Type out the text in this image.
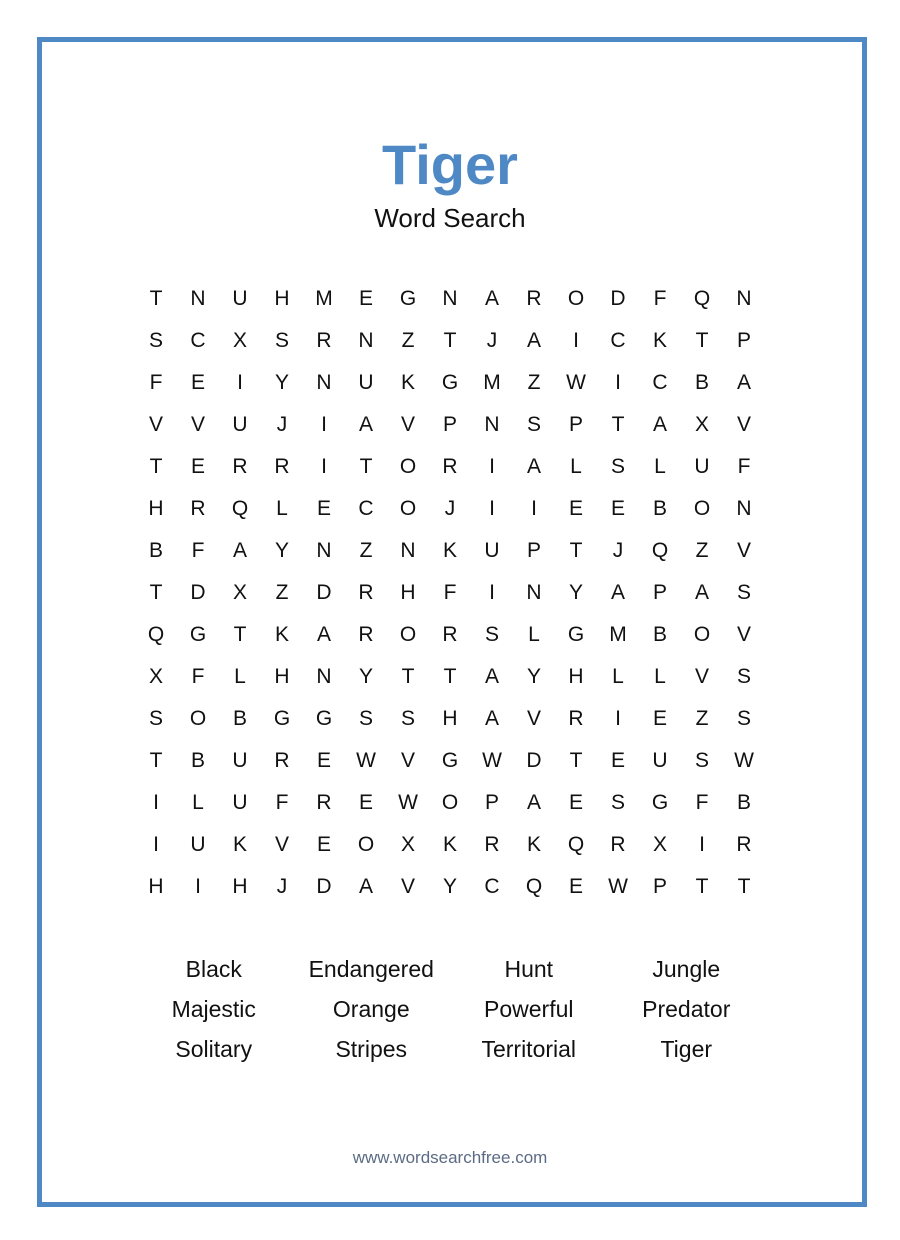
Tiger
Word Search
T	N	U	H	M	E	G	N	A	R	O	D	F	Q	N
S	C	X	S	R	N	Z	T	J	A	I	C	K	T	P
F	E	I	Y	N	U	K	G	M	Z	W	I	C	B	A
V	V	U	J	I	A	V	P	N	S	P	T	A	X	V
T	E	R	R	I	T	O	R	I	A	L	S	L	U	F
H	R	Q	L	E	C	O	J	I	I	E	E	B	O	N
B	F	A	Y	N	Z	N	K	U	P	T	J	Q	Z	V
T	D	X	Z	D	R	H	F	I	N	Y	A	P	A	S
Q	G	T	K	A	R	O	R	S	L	G	M	B	O	V
X	F	L	H	N	Y	T	T	A	Y	H	L	L	V	S
S	O	B	G	G	S	S	H	A	V	R	I	E	Z	S
T	B	U	R	E	W	V	G	W	D	T	E	U	S	W
I	L	U	F	R	E	W	O	P	A	E	S	G	F	B
I	U	K	V	E	O	X	K	R	K	Q	R	X	I	R
H	I	H	J	D	A	V	Y	C	Q	E	W	P	T	T
Black	Endangered	Hunt	Jungle
Majestic	Orange	Powerful	Predator
Solitary	Stripes	Territorial	Tiger
www.wordsearchfree.com
